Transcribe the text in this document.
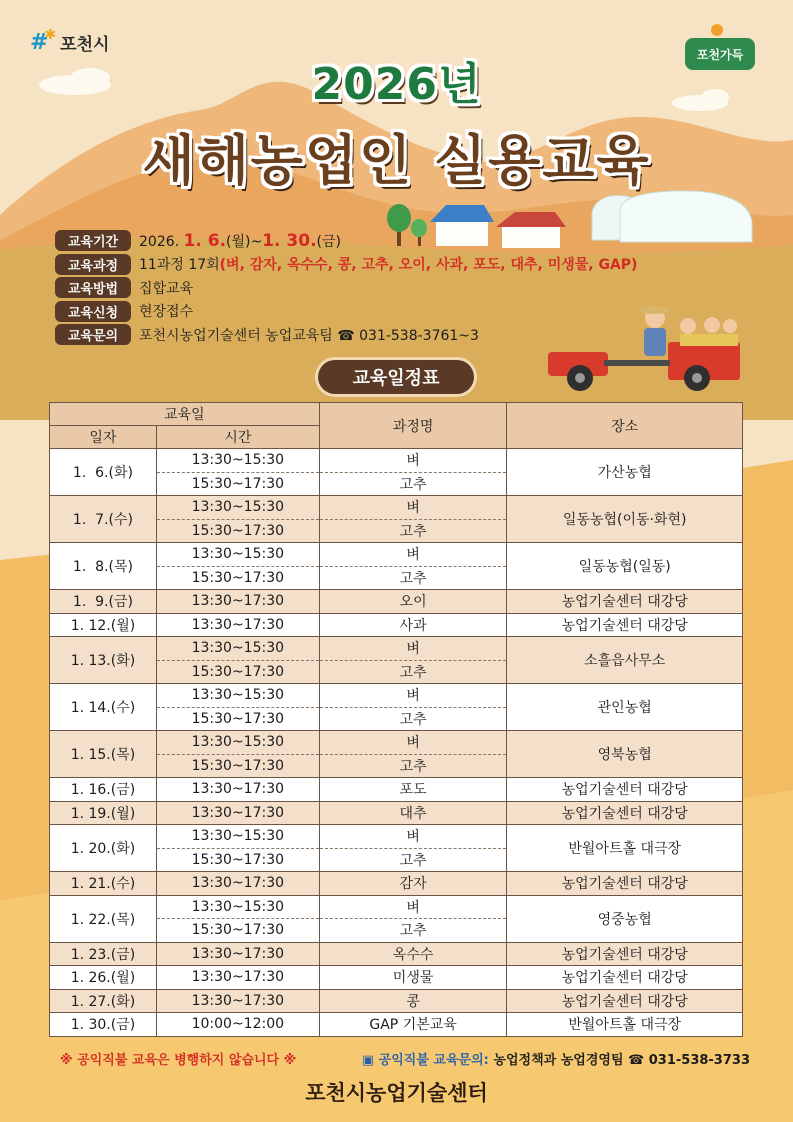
#
✱
포천시	포천가득
2026년
새해농업인 실용교육
교육기간	2026. 1. 6.(월)~1. 30.(금)
교육과정	11과정 17회(벼, 감자, 옥수수, 콩, 고추, 오이, 사과, 포도, 대추, 미생물, GAP)
교육방법	집합교육
교육신청	현장접수
교육문의	포천시농업기술센터 농업교육팀 ☎ 031-538-3761~3
교육일정표
교육일		과정명	장소
일자	시간		
1.  6.(화)	13:30~15:30	벼	가산농협
	15:30~17:30	고추	
1.  7.(수)	13:30~15:30	벼	일동농협(이동·화현)
	15:30~17:30	고추	
1.  8.(목)	13:30~15:30	벼	일동농협(일동)
	15:30~17:30	고추	
1.  9.(금)	13:30~17:30	오이	농업기술센터 대강당
1. 12.(월)	13:30~17:30	사과	농업기술센터 대강당
1. 13.(화)	13:30~15:30	벼	소흘읍사무소
	15:30~17:30	고추	
1. 14.(수)	13:30~15:30	벼	관인농협
	15:30~17:30	고추	
1. 15.(목)	13:30~15:30	벼	영북농협
	15:30~17:30	고추	
1. 16.(금)	13:30~17:30	포도	농업기술센터 대강당
1. 19.(월)	13:30~17:30	대추	농업기술센터 대강당
1. 20.(화)	13:30~15:30	벼	반월아트홀 대극장
	15:30~17:30	고추	
1. 21.(수)	13:30~17:30	감자	농업기술센터 대강당
1. 22.(목)	13:30~15:30	벼	영중농협
	15:30~17:30	고추	
1. 23.(금)	13:30~17:30	옥수수	농업기술센터 대강당
1. 26.(월)	13:30~17:30	미생물	농업기술센터 대강당
1. 27.(화)	13:30~17:30	콩	농업기술센터 대강당
1. 30.(금)	10:00~12:00	GAP 기본교육	반월아트홀 대극장
※ 공익직불 교육은 병행하지 않습니다 ※	▣ 공익직불 교육문의: 농업정책과 농업경영팀 ☎ 031-538-3733
포천시농업기술센터
